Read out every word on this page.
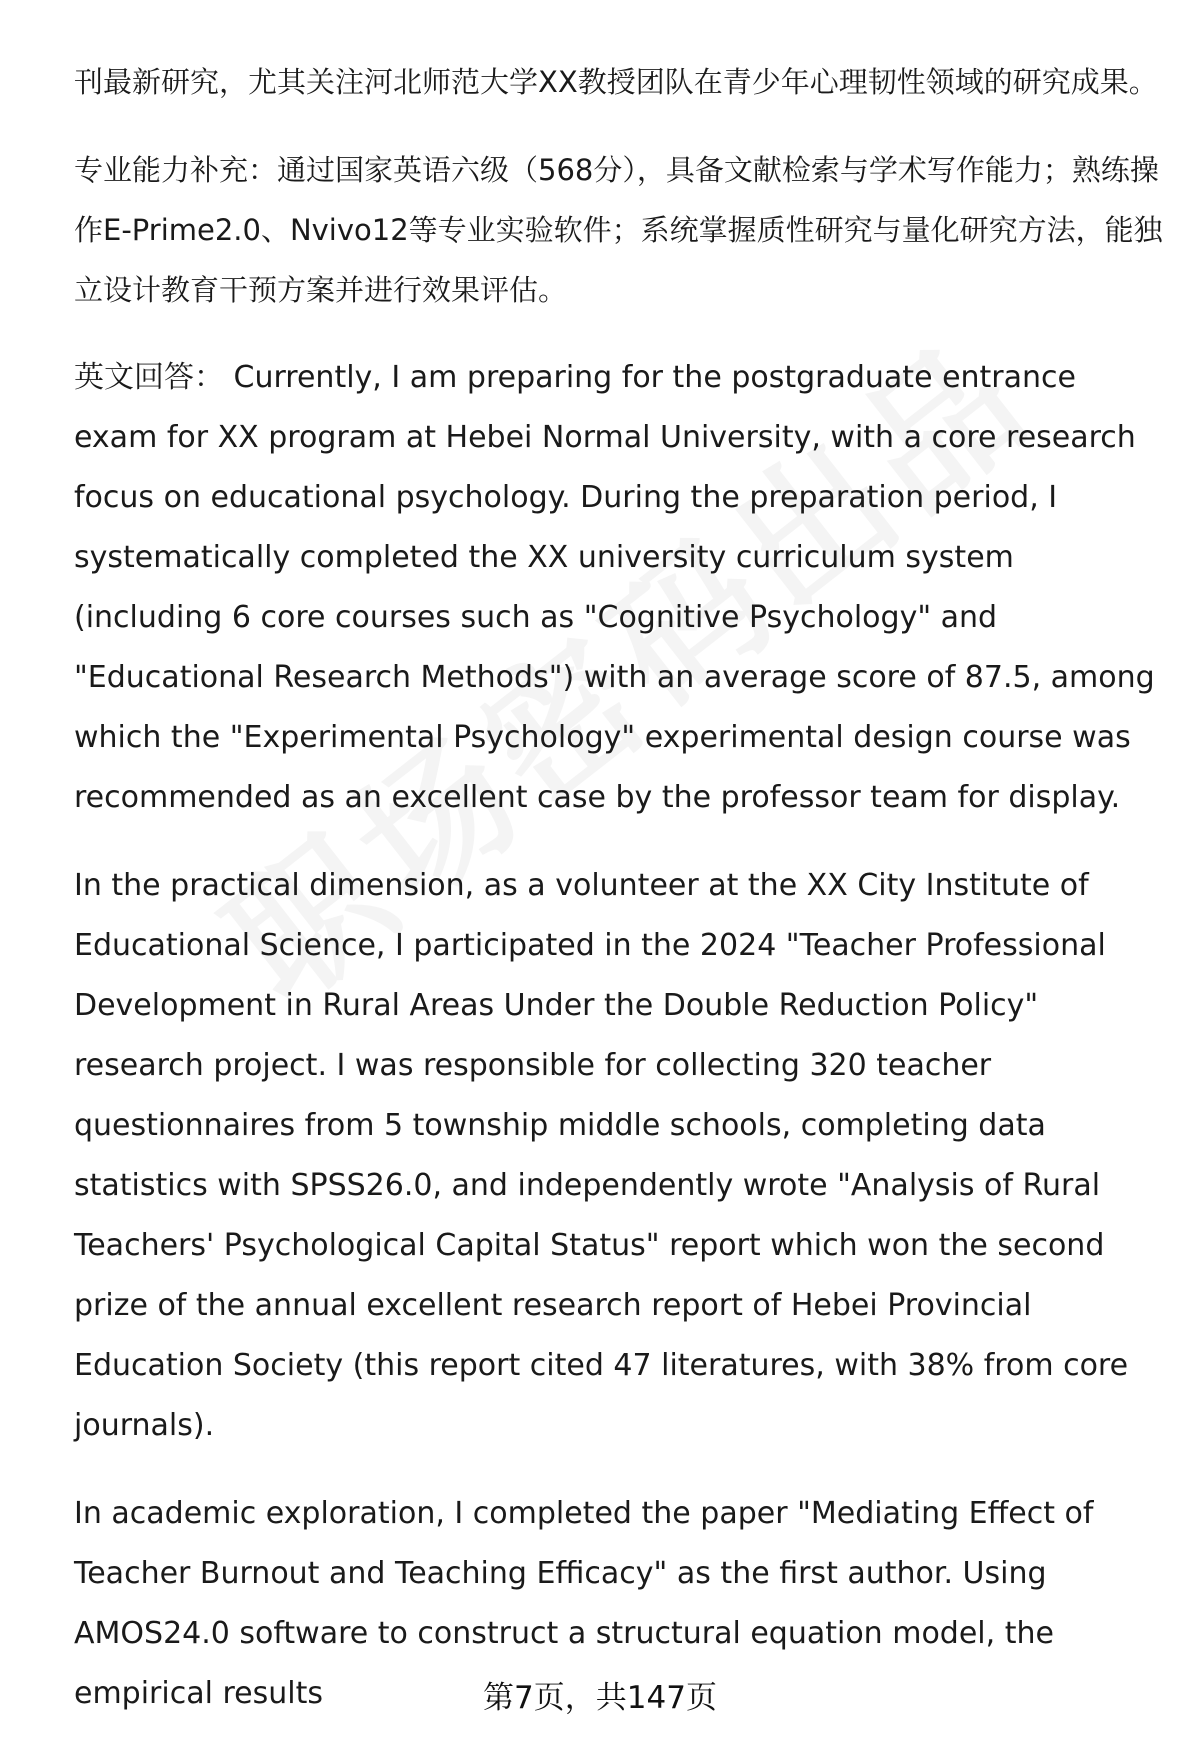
刊最新研究，尤其关注河北师范大学XX教授团队在青少年心理韧性领域的研究成果。

专业能力补充：通过国家英语六级（568分），具备文献检索与学术写作能力；熟练操作E-Prime2.0、Nvivo12等专业实验软件；系统掌握质性研究与量化研究方法，能独立设计教育干预方案并进行效果评估。

英文回答： Currently, I am preparing for the postgraduate entrance exam for XX program at Hebei Normal University, with a core research focus on educational psychology. During the preparation period, I systematically completed the XX university curriculum system (including 6 core courses such as "Cognitive Psychology" and "Educational Research Methods") with an average score of 87.5, among which the "Experimental Psychology" experimental design course was recommended as an excellent case by the professor team for display.

In the practical dimension, as a volunteer at the XX City Institute of Educational Science, I participated in the 2024 "Teacher Professional Development in Rural Areas Under the Double Reduction Policy" research project. I was responsible for collecting 320 teacher questionnaires from 5 township middle schools, completing data statistics with SPSS26.0, and independently wrote "Analysis of Rural Teachers' Psychological Capital Status" report which won the second prize of the annual excellent research report of Hebei Provincial Education Society (this report cited 47 literatures, with 38% from core journals).

In academic exploration, I completed the paper "Mediating Effect of Teacher Burnout and Teaching Efficacy" as the first author. Using AMOS24.0 software to construct a structural equation model, the empirical results	第7页，共147页
